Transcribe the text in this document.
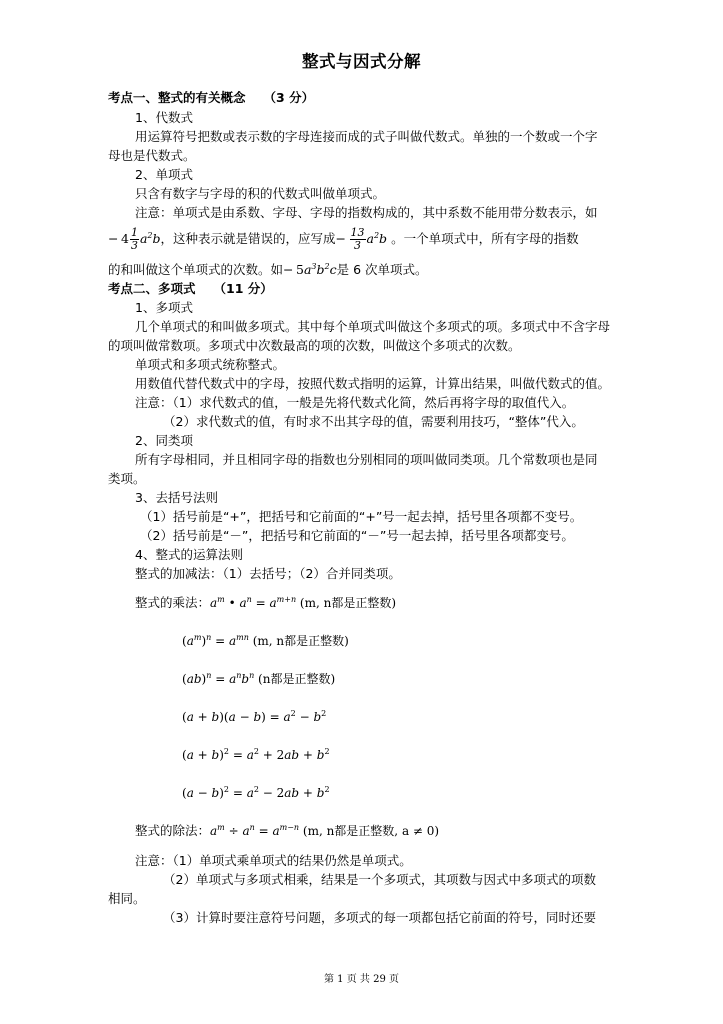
整式与因式分解
考点一、整式的有关概念 （3 分）
1、代数式
用运算符号把数或表示数的字母连接而成的式子叫做代数式。单独的一个数或一个字
母也是代数式。
2、单项式
只含有数字与字母的积的代数式叫做单项式。
注意：单项式是由系数、字母、字母的指数构成的，其中系数不能用带分数表示，如
− $4 \frac{1}{3} a^2b$，这种表示就是错误的，应写成−  $\frac{13}{3} a^2b$ 。一个单项式中，所有字母的指数
的和叫做这个单项式的次数。如− $5a^3b^2c$是 6 次单项式。
考点二、多项式 （11 分）
1、多项式
几个单项式的和叫做多项式。其中每个单项式叫做这个多项式的项。多项式中不含字母
的项叫做常数项。多项式中次数最高的项的次数，叫做这个多项式的次数。
单项式和多项式统称整式。
用数值代替代数式中的字母，按照代数式指明的运算，计算出结果，叫做代数式的值。
注意：（1）求代数式的值，一般是先将代数式化简，然后再将字母的取值代入。
（2）求代数式的值，有时求不出其字母的值，需要利用技巧，“整体”代入。
2、同类项
所有字母相同，并且相同字母的指数也分别相同的项叫做同类项。几个常数项也是同
类项。
3、去括号法则
（1）括号前是“+”，把括号和它前面的“+”号一起去掉，括号里各项都不变号。
（2）括号前是“－”，把括号和它前面的“－”号一起去掉，括号里各项都变号。
4、整式的运算法则
整式的加减法：（1）去括号；（2）合并同类项。
整式的乘法：$a^m$ • $a^n = a^{m+n}$ (m, n都是正整数)
$(a^m)^n = a^{mn}$ (m, n都是正整数)
$(ab)^n = a^nb^n$ (n都是正整数)
$(a + b)(a - b) = a^2 - b^2$
$(a + b)^2 = a^2 + 2ab + b^2$
$(a - b)^2 = a^2 - 2ab + b^2$
整式的除法：$a^m \div a^n = a^{m-n}$ (m, n都是正整数, a ≠ 0)
注意：（1）单项式乘单项式的结果仍然是单项式。
（2）单项式与多项式相乘，结果是一个多项式，其项数与因式中多项式的项数
相同。
（3）计算时要注意符号问题，多项式的每一项都包括它前面的符号，同时还要
第 1 页 共 29 页
